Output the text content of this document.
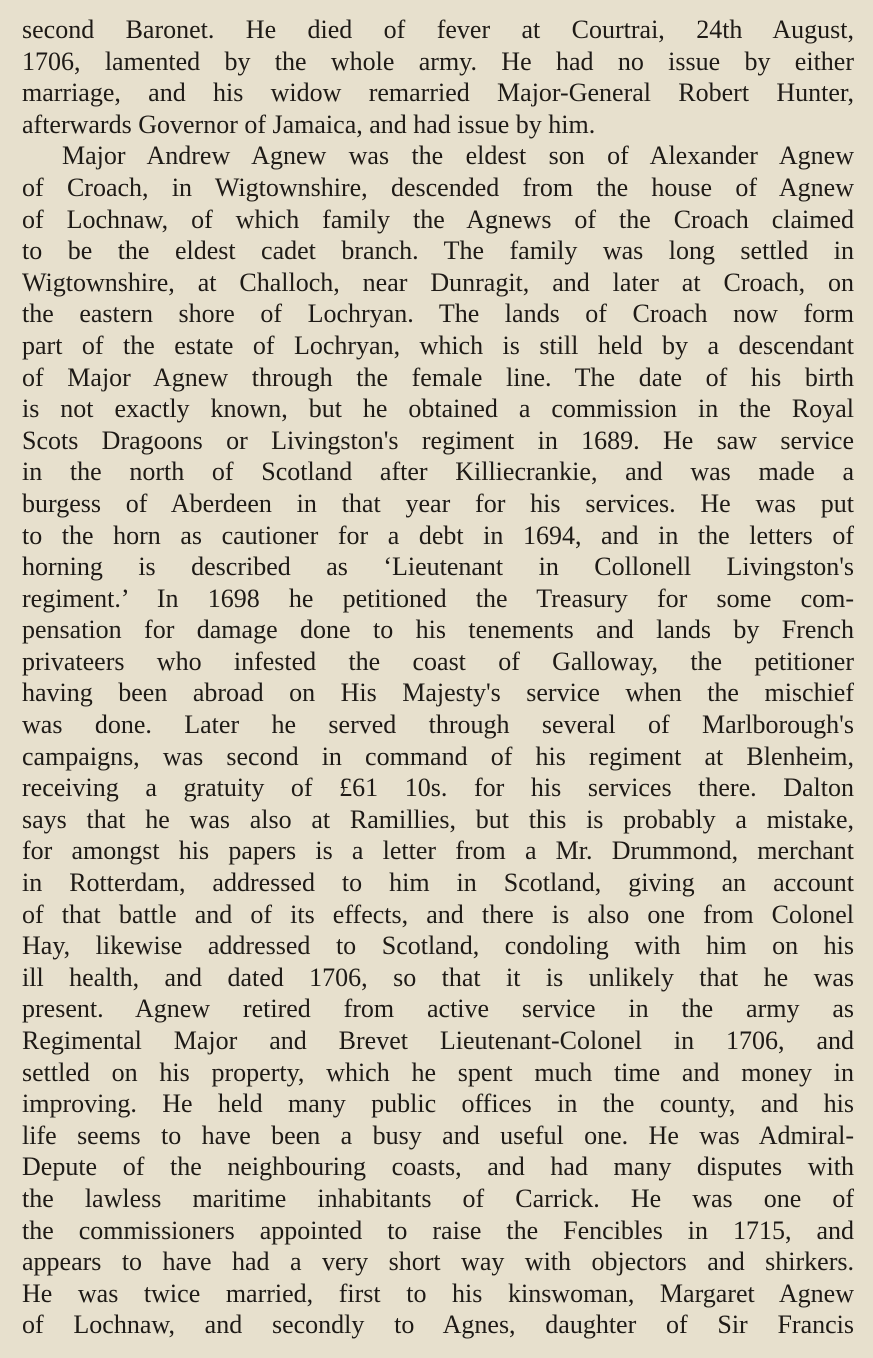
second Baronet. He died of fever at Courtrai, 24th August,
1706, lamented by the whole army. He had no issue by either
marriage, and his widow remarried Major-General Robert Hunter,
afterwards Governor of Jamaica, and had issue by him.
Major Andrew Agnew was the eldest son of Alexander Agnew
of Croach, in Wigtownshire, descended from the house of Agnew
of Lochnaw, of which family the Agnews of the Croach claimed
to be the eldest cadet branch. The family was long settled in
Wigtownshire, at Challoch, near Dunragit, and later at Croach, on
the eastern shore of Lochryan. The lands of Croach now form
part of the estate of Lochryan, which is still held by a descendant
of Major Agnew through the female line. The date of his birth
is not exactly known, but he obtained a commission in the Royal
Scots Dragoons or Livingston's regiment in 1689. He saw service
in the north of Scotland after Killiecrankie, and was made a
burgess of Aberdeen in that year for his services. He was put
to the horn as cautioner for a debt in 1694, and in the letters of
horning is described as ‘Lieutenant in Collonell Livingston's
regiment.’ In 1698 he petitioned the Treasury for some com-
pensation for damage done to his tenements and lands by French
privateers who infested the coast of Galloway, the petitioner
having been abroad on His Majesty's service when the mischief
was done. Later he served through several of Marlborough's
campaigns, was second in command of his regiment at Blenheim,
receiving a gratuity of £61 10s. for his services there. Dalton
says that he was also at Ramillies, but this is probably a mistake,
for amongst his papers is a letter from a Mr. Drummond, merchant
in Rotterdam, addressed to him in Scotland, giving an account
of that battle and of its effects, and there is also one from Colonel
Hay, likewise addressed to Scotland, condoling with him on his
ill health, and dated 1706, so that it is unlikely that he was
present. Agnew retired from active service in the army as
Regimental Major and Brevet Lieutenant-Colonel in 1706, and
settled on his property, which he spent much time and money in
improving. He held many public offices in the county, and his
life seems to have been a busy and useful one. He was Admiral-
Depute of the neighbouring coasts, and had many disputes with
the lawless maritime inhabitants of Carrick. He was one of
the commissioners appointed to raise the Fencibles in 1715, and
appears to have had a very short way with objectors and shirkers.
He was twice married, first to his kinswoman, Margaret Agnew
of Lochnaw, and secondly to Agnes, daughter of Sir Francis
